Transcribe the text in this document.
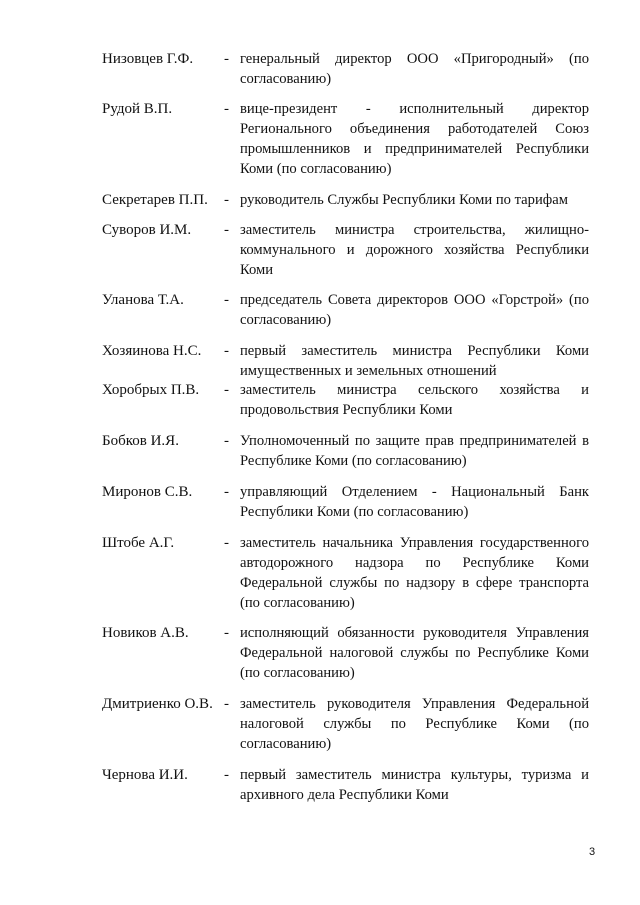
Низовцев Г.Ф. - генеральный директор ООО «Пригородный» (по согласованию)
Рудой В.П.	- вице-президент - исполнительный директор Регионального объединения работодателей Союз промышленников и предпринимателей Республики Коми (по согласованию)
Секретарев П.П. - руководитель Службы Республики Коми по тарифам
Суворов И.М. - заместитель министра строительства, жилищно-коммунального и дорожного хозяйства Республики Коми
Уланова Т.А.	- председатель Совета директоров ООО «Горстрой» (по согласованию)
Хозяинова Н.С. - первый заместитель министра Республики Коми имущественных и земельных отношений
Хоробрых П.В. - заместитель министра сельского хозяйства и продовольствия Республики Коми
Бобков И.Я.	- Уполномоченный по защите прав предпринимателей в Республике Коми (по согласованию)
Миронов С.В. - управляющий Отделением - Национальный Банк Республики Коми (по согласованию)
Штобе А.Г.	- заместитель начальника Управления государственного автодорожного надзора по Республике Коми Федеральной службы по надзору в сфере транспорта (по согласованию)
Новиков А.В. - исполняющий обязанности руководителя Управления Федеральной налоговой службы по Республике Коми (по согласованию)
Дмитриенко О.В. - заместитель руководителя Управления Федеральной налоговой службы по Республике Коми (по согласованию)
Чернова И.И. - первый заместитель министра культуры, туризма и архивного дела Республики Коми
3
